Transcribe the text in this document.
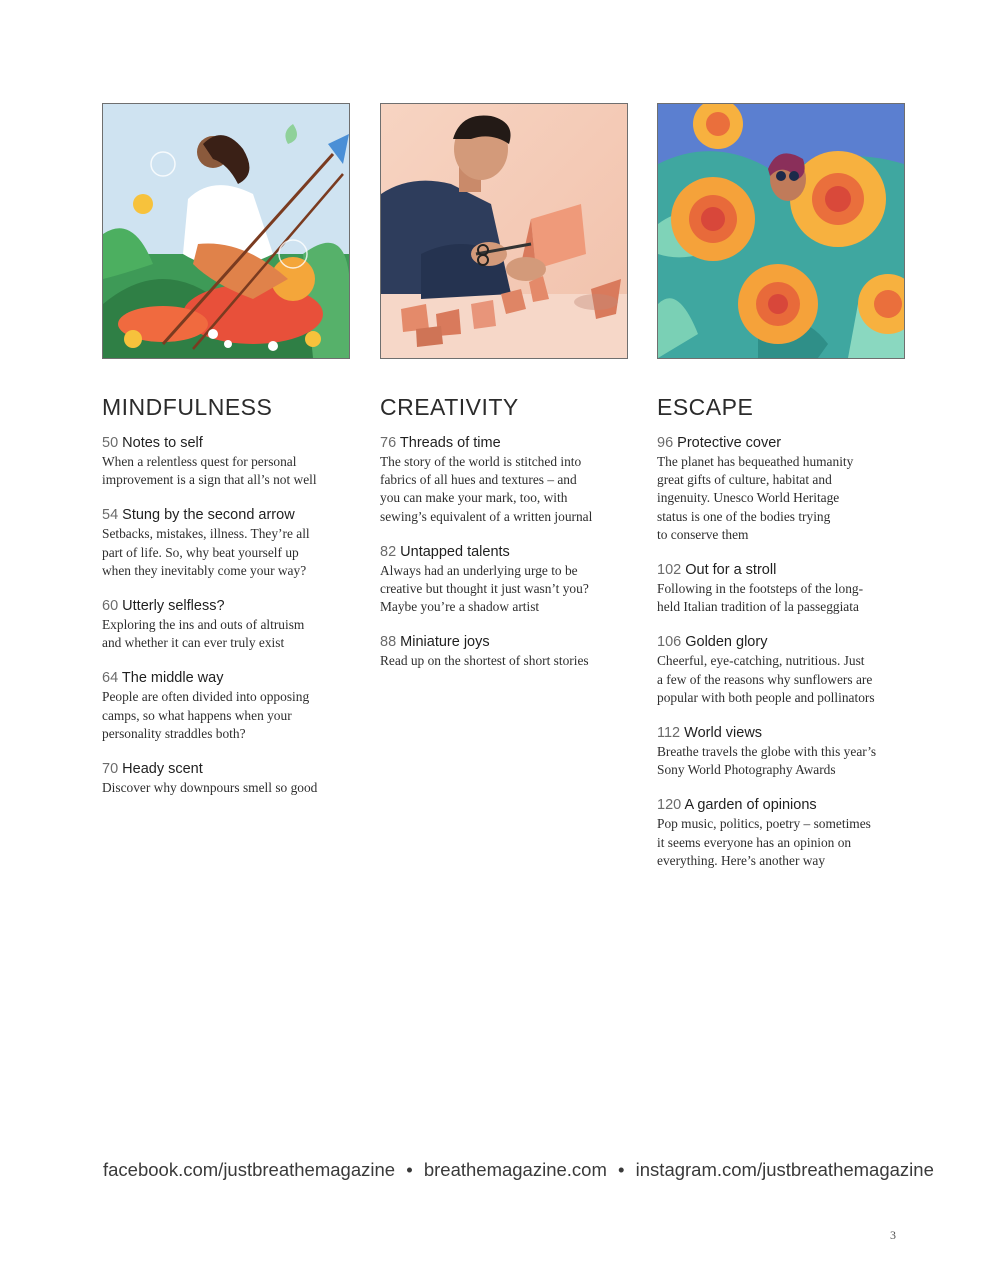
MINDFULNESS
50 Notes to self
When a relentless quest for personal
improvement is a sign that all’s not well
54 Stung by the second arrow
Setbacks, mistakes, illness. They’re all
part of life. So, why beat yourself up
when they inevitably come your way?
60 Utterly selfless?
Exploring the ins and outs of altruism
and whether it can ever truly exist
64 The middle way
People are often divided into opposing
camps, so what happens when your
personality straddles both?
70 Heady scent
Discover why downpours smell so good
CREATIVITY
76 Threads of time
The story of the world is stitched into
fabrics of all hues and textures – and
you can make your mark, too, with
sewing’s equivalent of a written journal
82 Untapped talents
Always had an underlying urge to be
creative but thought it just wasn’t you?
Maybe you’re a shadow artist
88 Miniature joys
Read up on the shortest of short stories
ESCAPE
96 Protective cover
The planet has bequeathed humanity
great gifts of culture, habitat and
ingenuity. Unesco World Heritage
status is one of the bodies trying
to conserve them
102 Out for a stroll
Following in the footsteps of the long-
held Italian tradition of la passeggiata
106 Golden glory
Cheerful, eye-catching, nutritious. Just
a few of the reasons why sunflowers are
popular with both people and pollinators
112 World views
Breathe travels the globe with this year’s
Sony World Photography Awards
120 A garden of opinions
Pop music, politics, poetry – sometimes
it seems everyone has an opinion on
everything. Here’s another way
facebook.com/justbreathemagazine • breathemagazine.com • instagram.com/justbreathemagazine
3
